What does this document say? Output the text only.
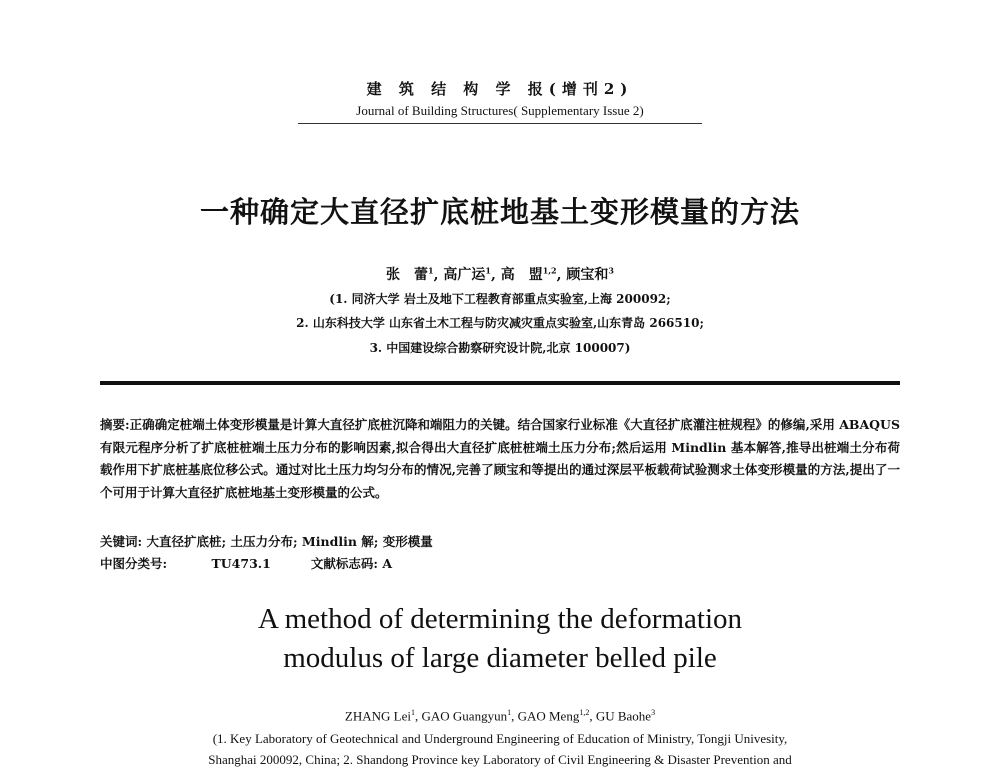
建 筑 结 构 学 报(增刊2)
Journal of Building Structures( Supplementary Issue 2)
一种确定大直径扩底桩地基土变形模量的方法
张　蕾$^1$, 高广运$^1$, 高　盟$^{1,2}$, 顾宝和$^3$
(1. 同济大学 岩土及地下工程教育部重点实验室,上海 200092;
2. 山东科技大学 山东省土木工程与防灾减灾重点实验室,山东青岛 266510;
3. 中国建设综合勘察研究设计院,北京 100007)
摘要:正确确定桩端土体变形模量是计算大直径扩底桩沉降和端阻力的关键。结合国家行业标准《大直径扩底灌注桩规程》的修编,采用 ABAQUS 有限元程序分析了扩底桩桩端土压力分布的影响因素,拟合得出大直径扩底桩桩端土压力分布;然后运用 Mindlin 基本解答,推导出桩端土分布荷载作用下扩底桩基底位移公式。通过对比土压力均匀分布的情况,完善了顾宝和等提出的通过深层平板载荷试验测求土体变形模量的方法,提出了一个可用于计算大直径扩底桩地基土变形模量的公式。
关键词: 大直径扩底桩; 土压力分布; Mindlin 解; 变形模量
中图分类号:	TU473.1	文献标志码: A
A method of determining the deformation
modulus of large diameter belled pile
ZHANG Lei$^1$, GAO Guangyun$^1$, GAO Meng$^{1,2}$, GU Baohe$^3$
(1. Key Laboratory of Geotechnical and Underground Engineering of Education of Ministry, Tongji Univesity,
Shanghai 200092, China; 2. Shandong Province key Laboratory of Civil Engineering & Disaster Prevention and
